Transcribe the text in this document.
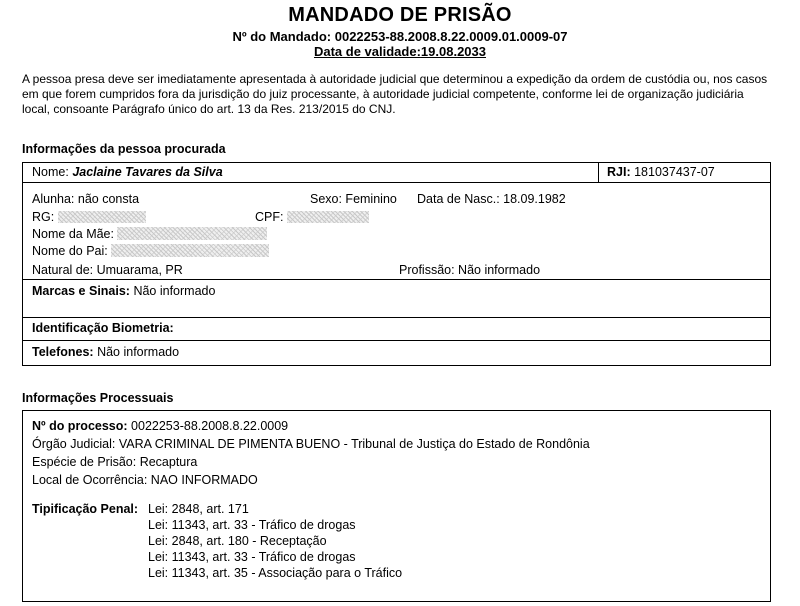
MANDADO DE PRISÃO
Nº do Mandado: 0022253-88.2008.8.22.0009.01.0009-07
Data de validade:19.08.2033

A pessoa presa deve ser imediatamente apresentada à autoridade judicial que determinou a expedição da ordem de custódia ou, nos casos em que forem cumpridos fora da jurisdição do juiz processante, à autoridade judicial competente, conforme lei de organização judiciária local, consoante Parágrafo único do art. 13 da Res. 213/2015 do CNJ.

Informações da pessoa procurada
Nome: Jaclaine Tavares da Silva	RJI: 181037437-07
Alunha: não consta	Sexo: Feminino Data de Nasc.: 18.09.1982
RG:	CPF:
Nome da Mãe:
Nome do Pai:
Natural de: Umuarama, PR	Profissão: Não informado
Marcas e Sinais: Não informado
Identificação Biometria:
Telefones: Não informado
Informações Processuais
Nº do processo: 0022253-88.2008.8.22.0009
Órgão Judicial: VARA CRIMINAL DE PIMENTA BUENO - Tribunal de Justiça do Estado de Rondônia
Espécie de Prisão: Recaptura
Local de Ocorrência: NAO INFORMADO
Tipificação Penal: Lei: 2848, art. 171
Lei: 11343, art. 33 - Tráfico de drogas
Lei: 2848, art. 180 - Receptação
Lei: 11343, art. 33 - Tráfico de drogas
Lei: 11343, art. 35 - Associação para o Tráfico
